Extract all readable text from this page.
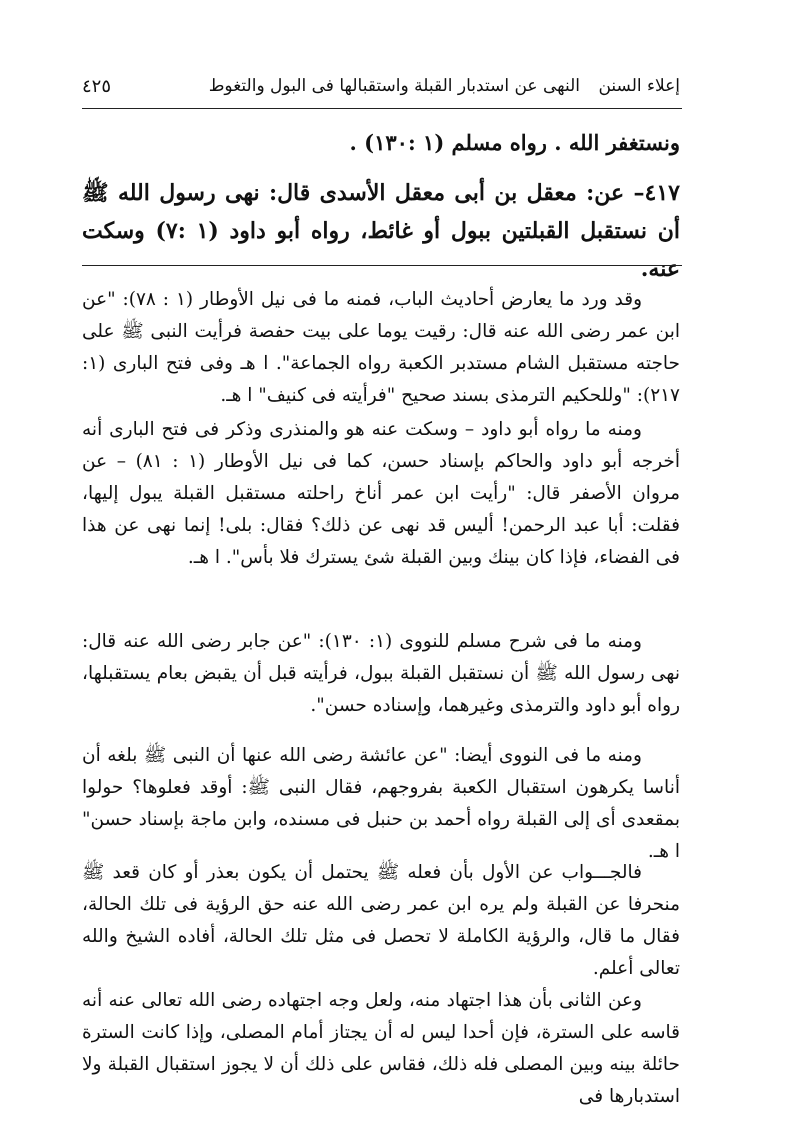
إعلاء السنن
النهى عن استدبار القبلة واستقبالها فى البول والتغوط
٤٢٥
ونستغفر الله . رواه مسلم (١ :١٣٠) .
٤١٧– عن: معقل بن أبى معقل الأسدى قال: نهى رسول الله ﷺ أن نستقبل القبلتين ببول أو غائط، رواه أبو داود (١ :٧) وسكت عنه.
وقد ورد ما يعارض أحاديث الباب، فمنه ما فى نيل الأوطار (١ : ٧٨): "عن ابن عمر رضى الله عنه قال: رقيت يوما على بيت حفصة فرأيت النبى ﷺ على حاجته مستقبل الشام مستدبر الكعبة رواه الجماعة". ا هـ وفى فتح البارى (١: ٢١٧): "وللحكيم الترمذى بسند صحيح "فرأيته فى كنيف" ا هـ.
ومنه ما رواه أبو داود – وسكت عنه هو والمنذرى وذكر فى فتح البارى أنه أخرجه أبو داود والحاكم بإسناد حسن، كما فى نيل الأوطار (١ : ٨١) – عن مروان الأصفر قال: "رأيت ابن عمر أناخ راحلته مستقبل القبلة يبول إليها، فقلت: أبا عبد الرحمن! أليس قد نهى عن ذلك؟ فقال: بلى! إنما نهى عن هذا فى الفضاء، فإذا كان بينك وبين القبلة شئ يسترك فلا بأس". ا هـ.
ومنه ما فى شرح مسلم للنووى (١: ١٣٠): "عن جابر رضى الله عنه قال: نهى رسول الله ﷺ أن نستقبل القبلة ببول، فرأيته قبل أن يقبض بعام يستقبلها، رواه أبو داود والترمذى وغيرهما، وإسناده حسن".
ومنه ما فى النووى أيضا: "عن عائشة رضى الله عنها أن النبى ﷺ بلغه أن أناسا يكرهون استقبال الكعبة بفروجهم، فقال النبى ﷺ: أوقد فعلوها؟ حولوا بمقعدى أى إلى القبلة رواه أحمد بن حنبل فى مسنده، وابن ماجة بإسناد حسن" ا هـ.
فالجـــواب عن الأول بأن فعله ﷺ يحتمل أن يكون بعذر أو كان قعد ﷺ منحرفا عن القبلة ولم يره ابن عمر رضى الله عنه حق الرؤية فى تلك الحالة، فقال ما قال، والرؤية الكاملة لا تحصل فى مثل تلك الحالة، أفاده الشيخ والله تعالى أعلم.
وعن الثانى بأن هذا اجتهاد منه، ولعل وجه اجتهاده رضى الله تعالى عنه أنه قاسه على السترة، فإن أحدا ليس له أن يجتاز أمام المصلى، وإذا كانت السترة حائلة بينه وبين المصلى فله ذلك، فقاس على ذلك أن لا يجوز استقبال القبلة ولا استدبارها فى
